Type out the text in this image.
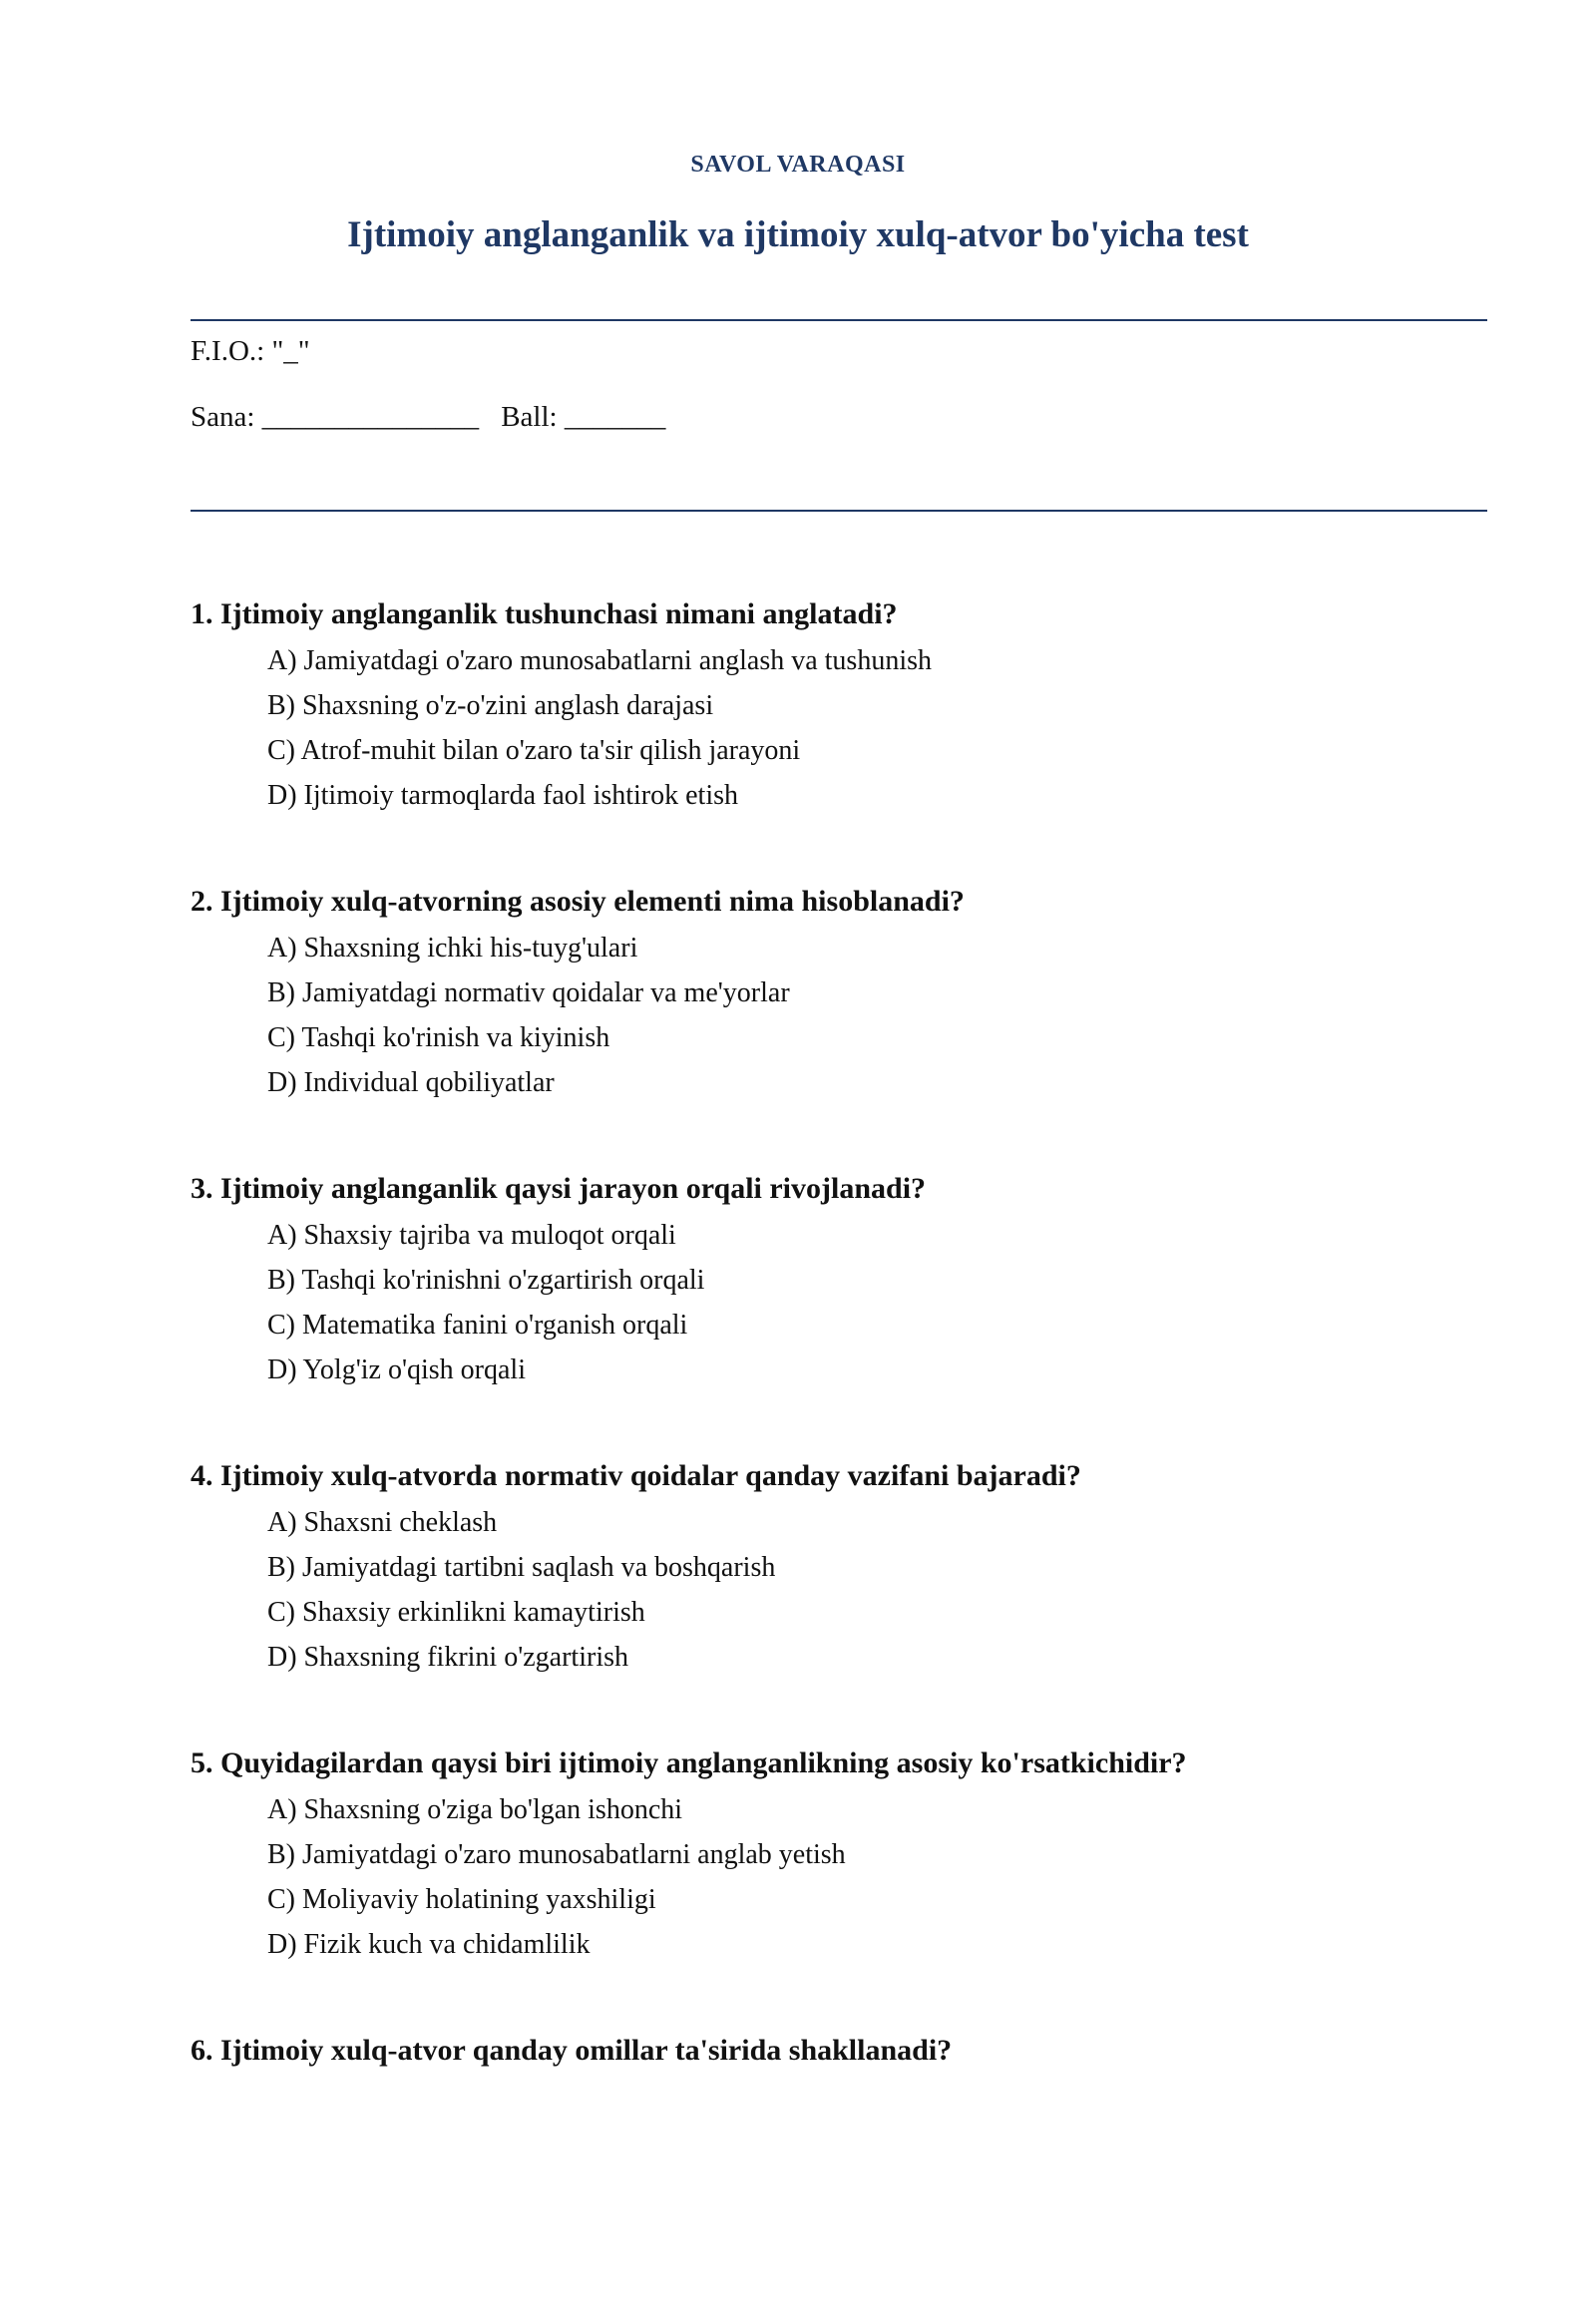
SAVOL VARAQASI
Ijtimoiy anglanganlik va ijtimoiy xulq-atvor bo'yicha test
F.I.O.: "_"
Sana: _______________ Ball: _______
1. Ijtimoiy anglanganlik tushunchasi nimani anglatadi?
A) Jamiyatdagi o'zaro munosabatlarni anglash va tushunish
B) Shaxsning o'z-o'zini anglash darajasi
C) Atrof-muhit bilan o'zaro ta'sir qilish jarayoni
D) Ijtimoiy tarmoqlarda faol ishtirok etish
2. Ijtimoiy xulq-atvorning asosiy elementi nima hisoblanadi?
A) Shaxsning ichki his-tuyg'ulari
B) Jamiyatdagi normativ qoidalar va me'yorlar
C) Tashqi ko'rinish va kiyinish
D) Individual qobiliyatlar
3. Ijtimoiy anglanganlik qaysi jarayon orqali rivojlanadi?
A) Shaxsiy tajriba va muloqot orqali
B) Tashqi ko'rinishni o'zgartirish orqali
C) Matematika fanini o'rganish orqali
D) Yolg'iz o'qish orqali
4. Ijtimoiy xulq-atvorda normativ qoidalar qanday vazifani bajaradi?
A) Shaxsni cheklash
B) Jamiyatdagi tartibni saqlash va boshqarish
C) Shaxsiy erkinlikni kamaytirish
D) Shaxsning fikrini o'zgartirish
5. Quyidagilardan qaysi biri ijtimoiy anglanganlikning asosiy ko'rsatkichidir?
A) Shaxsning o'ziga bo'lgan ishonchi
B) Jamiyatdagi o'zaro munosabatlarni anglab yetish
C) Moliyaviy holatining yaxshiligi
D) Fizik kuch va chidamlilik
6. Ijtimoiy xulq-atvor qanday omillar ta'sirida shakllanadi?
